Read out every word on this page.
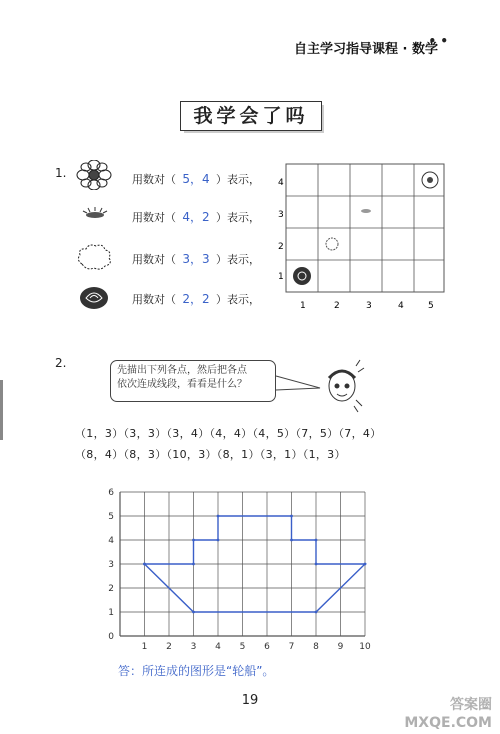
自主学习指导课程 · 数学
• •
我学会了吗
1.	用数对（ 5，4 ）表示，
用数对（ 4，2 ）表示，
用数对（ 3，3 ）表示，
用数对（ 2，2 ）表示，
4
3
2
1
1	2	3	4	5
2.
先描出下列各点，然后把各点
依次连成线段，看看是什么？
（1，3）（3，3）（3，4）（4，4）（4，5）（7，5）（7，4）
（8，4）（8，3）（10，3）（8，1）（3，1）（1，3）
1 2 3 4 5 6 7 8 9 10
0
1
2
3
4
5
6
答：所连成的图形是“轮船”。
19	答案圈
MXQE.COM
